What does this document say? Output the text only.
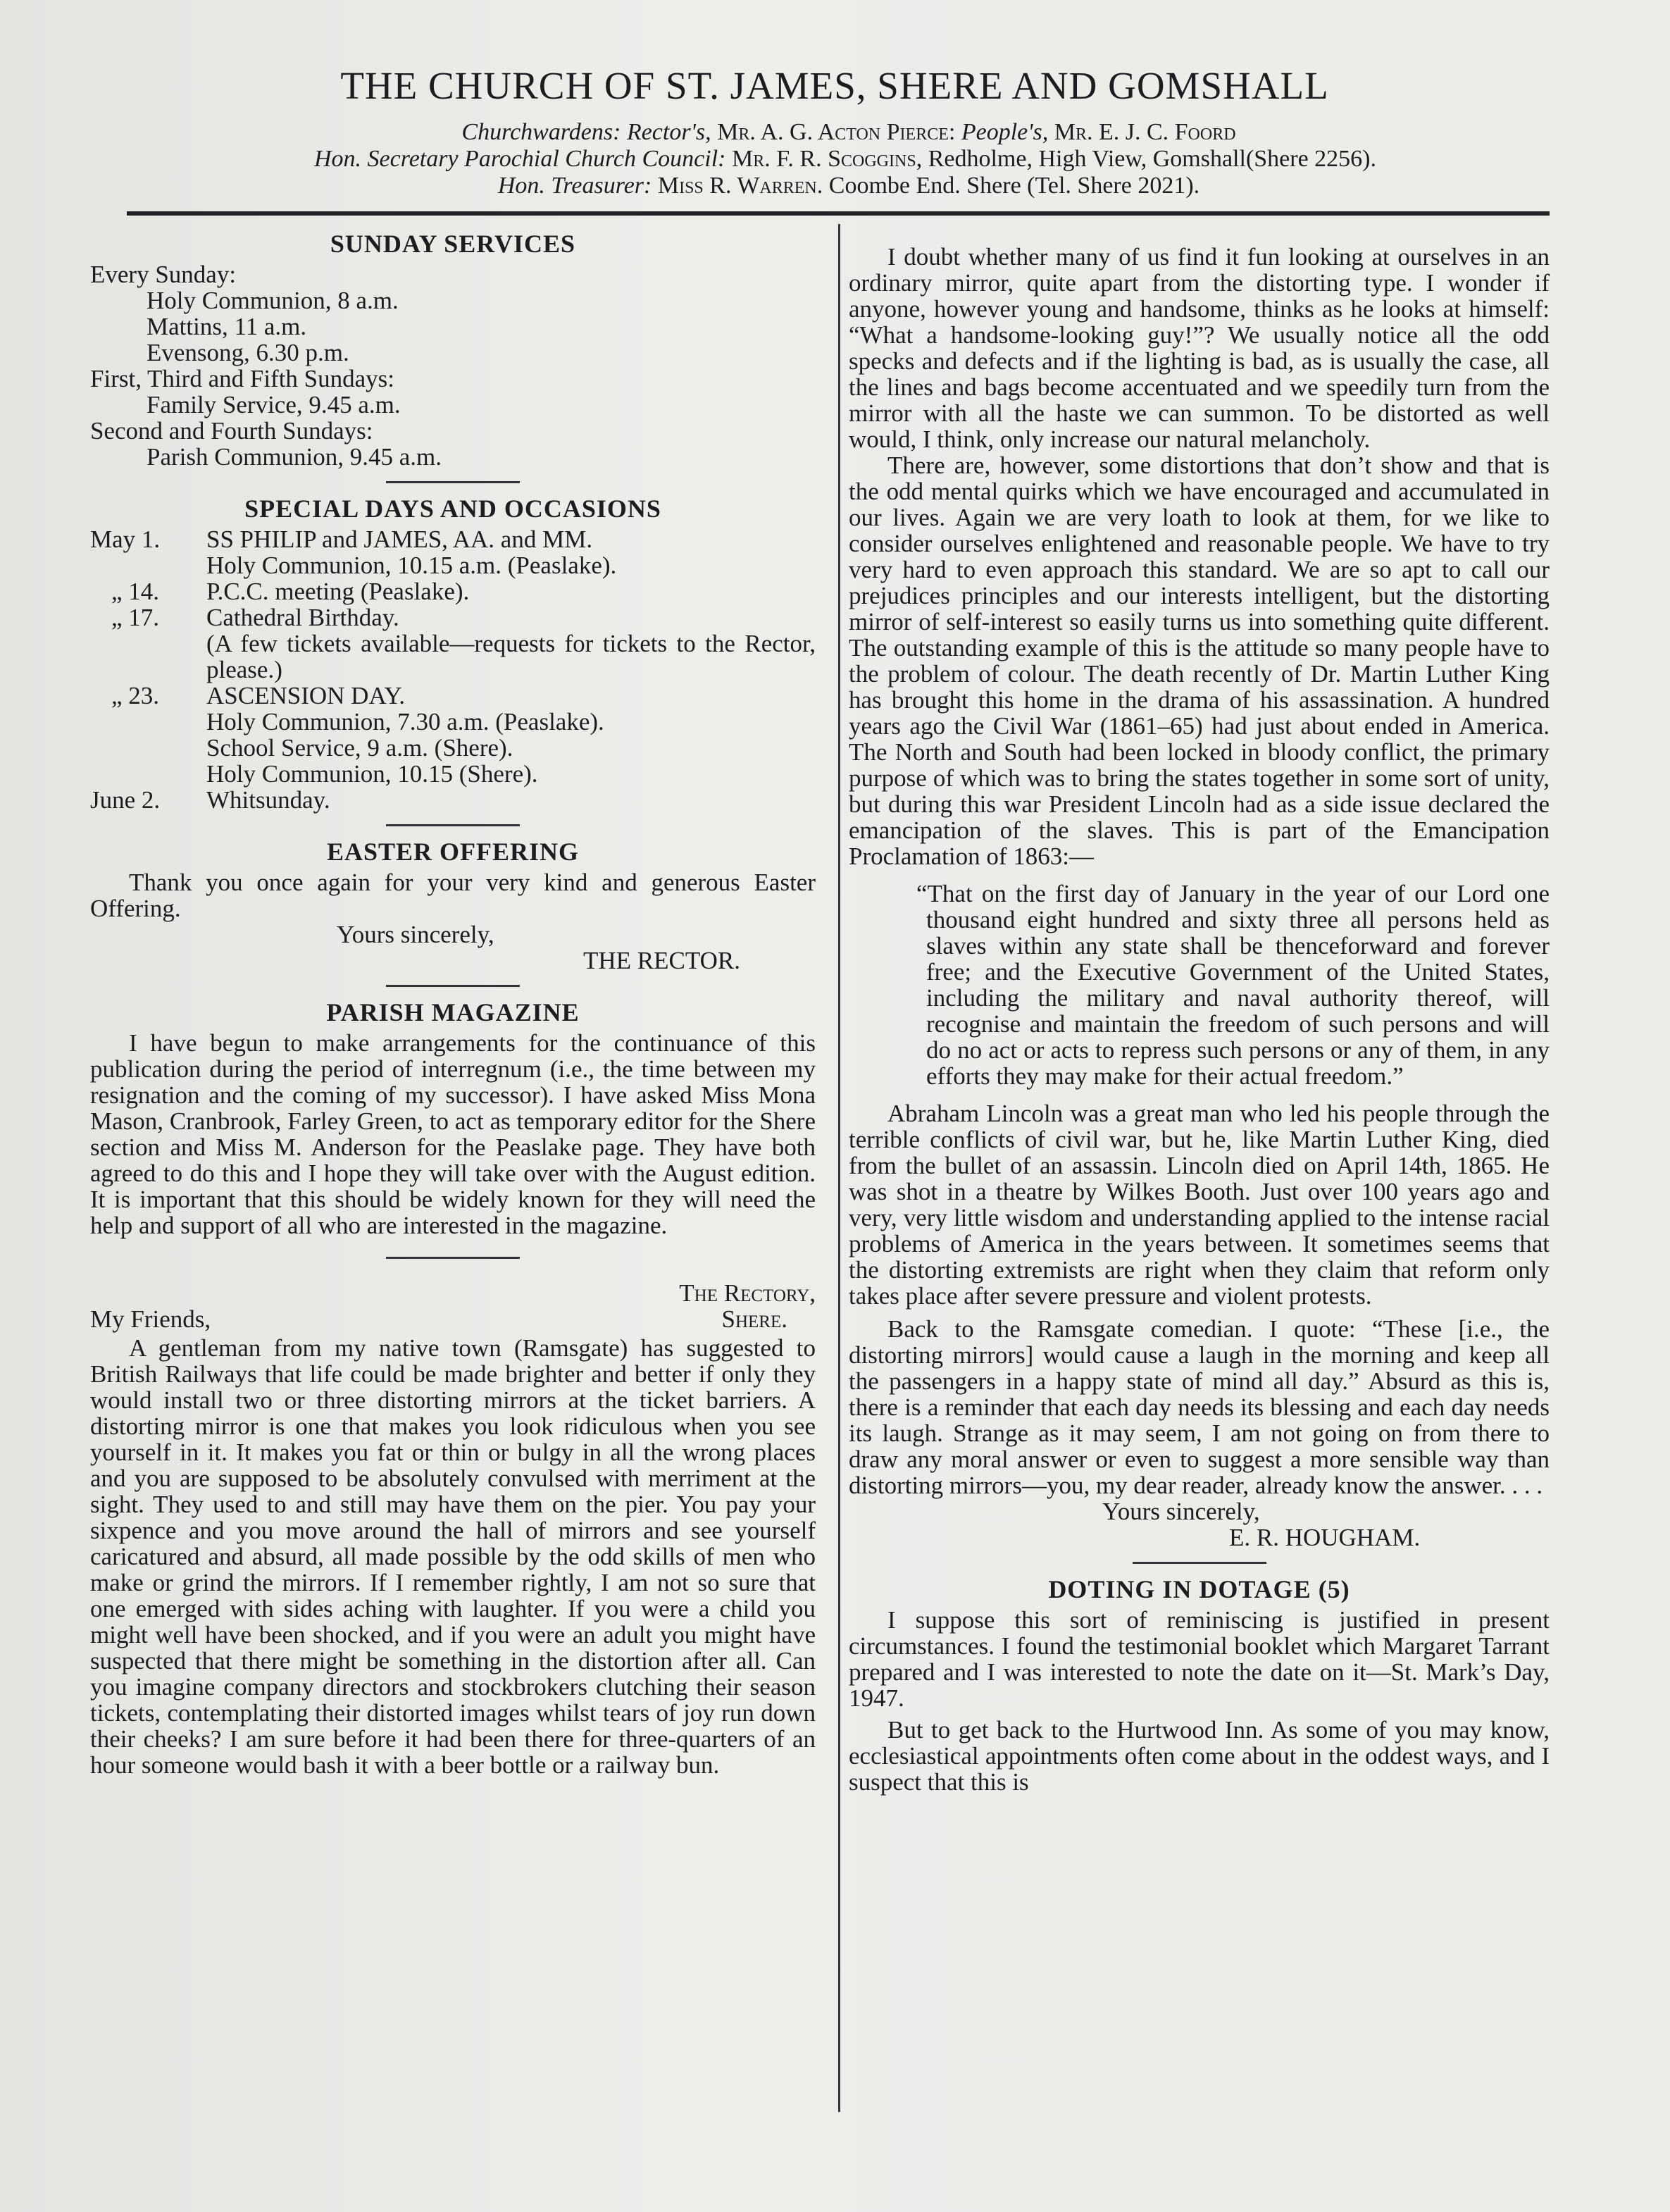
THE CHURCH OF ST. JAMES, SHERE AND GOMSHALL
Churchwardens: Rector's, Mr. A. G. Acton Pierce: People's, Mr. E. J. C. Foord
Hon. Secretary Parochial Church Council: Mr. F. R. Scoggins, Redholme, High View, Gomshall(Shere 2256).
Hon. Treasurer: Miss R. Warren. Coombe End. Shere (Tel. Shere 2021).
SUNDAY SERVICES

Every Sunday:

Holy Communion, 8 a.m.

Mattins, 11 a.m.

Evensong, 6.30 p.m.

First, Third and Fifth Sundays:

Family Service, 9.45 a.m.

Second and Fourth Sundays:

Parish Communion, 9.45 a.m.

SPECIAL DAYS AND OCCASIONS
May 1.	SS PHILIP and JAMES, AA. and MM.

Holy Communion, 10.15 a.m. (Peaslake).

„ 14.	P.C.C. meeting (Peaslake).

„ 17.	Cathedral Birthday.

(A few tickets available—requests for tickets to the Rector, please.)

„ 23.	ASCENSION DAY.

Holy Communion, 7.30 a.m. (Peaslake).

School Service, 9 a.m. (Shere).

Holy Communion, 10.15 (Shere).

June 2.	Whitsunday.

EASTER OFFERING

Thank you once again for your very kind and generous Easter Offering.

Yours sincerely,

THE RECTOR.

PARISH MAGAZINE

I have begun to make arrangements for the continuance of this publication during the period of interregnum (i.e., the time between my resignation and the coming of my successor). I have asked Miss Mona Mason, Cranbrook, Farley Green, to act as temporary editor for the Shere section and Miss M. Anderson for the Peaslake page. They have both agreed to do this and I hope they will take over with the August edition. It is important that this should be widely known for they will need the help and support of all who are interested in the magazine.

My Friends,
The Rectory,
Shere.

A gentleman from my native town (Ramsgate) has suggested to British Railways that life could be made brighter and better if only they would install two or three distorting mirrors at the ticket barriers. A distorting mirror is one that makes you look ridiculous when you see yourself in it. It makes you fat or thin or bulgy in all the wrong places and you are supposed to be absolutely convulsed with merriment at the sight. They used to and still may have them on the pier. You pay your sixpence and you move around the hall of mirrors and see yourself caricatured and absurd, all made possible by the odd skills of men who make or grind the mirrors. If I remember rightly, I am not so sure that one emerged with sides aching with laughter. If you were a child you might well have been shocked, and if you were an adult you might have suspected that there might be something in the distortion after all. Can you imagine company directors and stockbrokers clutching their season tickets, contemplating their distorted images whilst tears of joy run down their cheeks? I am sure before it had been there for three-quarters of an hour someone would bash it with a beer bottle or a railway bun.

I doubt whether many of us find it fun looking at ourselves in an ordinary mirror, quite apart from the distorting type. I wonder if anyone, however young and handsome, thinks as he looks at himself: “What a handsome-looking guy!”? We usually notice all the odd specks and defects and if the lighting is bad, as is usually the case, all the lines and bags become accentuated and we speedily turn from the mirror with all the haste we can summon. To be distorted as well would, I think, only increase our natural melancholy.

There are, however, some distortions that don’t show and that is the odd mental quirks which we have encouraged and accumulated in our lives. Again we are very loath to look at them, for we like to consider ourselves enlightened and reasonable people. We have to try very hard to even approach this standard. We are so apt to call our prejudices principles and our interests intelligent, but the distorting mirror of self-interest so easily turns us into something quite different. The outstanding example of this is the attitude so many people have to the problem of colour. The death recently of Dr. Martin Luther King has brought this home in the drama of his assassination. A hundred years ago the Civil War (1861–65) had just about ended in America. The North and South had been locked in bloody conflict, the primary purpose of which was to bring the states together in some sort of unity, but during this war President Lincoln had as a side issue declared the emancipation of the slaves. This is part of the Emancipation Proclamation of 1863:—

“That on the first day of January in the year of our Lord one thousand eight hundred and sixty three all persons held as slaves within any state shall be thenceforward and forever free; and the Executive Government of the United States, including the military and naval authority thereof, will recognise and maintain the freedom of such persons and will do no act or acts to repress such persons or any of them, in any efforts they may make for their actual freedom.”

Abraham Lincoln was a great man who led his people through the terrible conflicts of civil war, but he, like Martin Luther King, died from the bullet of an assassin. Lincoln died on April 14th, 1865. He was shot in a theatre by Wilkes Booth. Just over 100 years ago and very, very little wisdom and understanding applied to the intense racial problems of America in the years between. It sometimes seems that the distorting extremists are right when they claim that reform only takes place after severe pressure and violent protests.

Back to the Ramsgate comedian. I quote: “These [i.e., the distorting mirrors] would cause a laugh in the morning and keep all the passengers in a happy state of mind all day.” Absurd as this is, there is a reminder that each day needs its blessing and each day needs its laugh. Strange as it may seem, I am not going on from there to draw any moral answer or even to suggest a more sensible way than distorting mirrors—you, my dear reader, already know the answer. . . .

Yours sincerely,

E. R. HOUGHAM.

DOTING IN DOTAGE (5)

I suppose this sort of reminiscing is justified in present circumstances. I found the testimonial booklet which Margaret Tarrant prepared and I was interested to note the date on it—St. Mark’s Day, 1947.

But to get back to the Hurtwood Inn. As some of you may know, ecclesiastical appointments often come about in the oddest ways, and I suspect that this is
